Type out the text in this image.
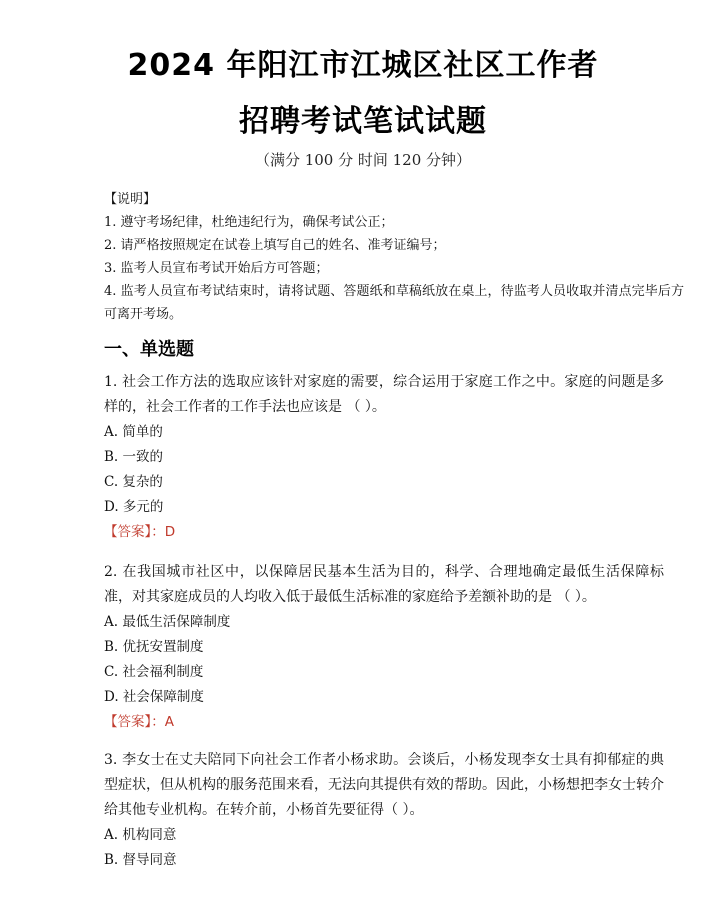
2024 年阳江市江城区社区工作者
招聘考试笔试试题
（满分 100 分 时间 120 分钟）
【说明】
1. 遵守考场纪律，杜绝违纪行为，确保考试公正；
2. 请严格按照规定在试卷上填写自己的姓名、准考证编号；
3. 监考人员宣布考试开始后方可答题；
4. 监考人员宣布考试结束时，请将试题、答题纸和草稿纸放在桌上，待监考人员收取并清点完毕后方可离开考场。
一、单选题
1. 社会工作方法的选取应该针对家庭的需要，综合运用于家庭工作之中。家庭的问题是多样的，社会工作者的工作手法也应该是 （ ）。
A. 简单的
B. 一致的
C. 复杂的
D. 多元的
【答案】：D
2. 在我国城市社区中，以保障居民基本生活为目的，科学、合理地确定最低生活保障标准，对其家庭成员的人均收入低于最低生活标准的家庭给予差额补助的是 （ ）。
A. 最低生活保障制度
B. 优抚安置制度
C. 社会福利制度
D. 社会保障制度
【答案】：A
3. 李女士在丈夫陪同下向社会工作者小杨求助。会谈后，小杨发现李女士具有抑郁症的典型症状，但从机构的服务范围来看，无法向其提供有效的帮助。因此，小杨想把李女士转介给其他专业机构。在转介前，小杨首先要征得（ ）。
A. 机构同意
B. 督导同意
